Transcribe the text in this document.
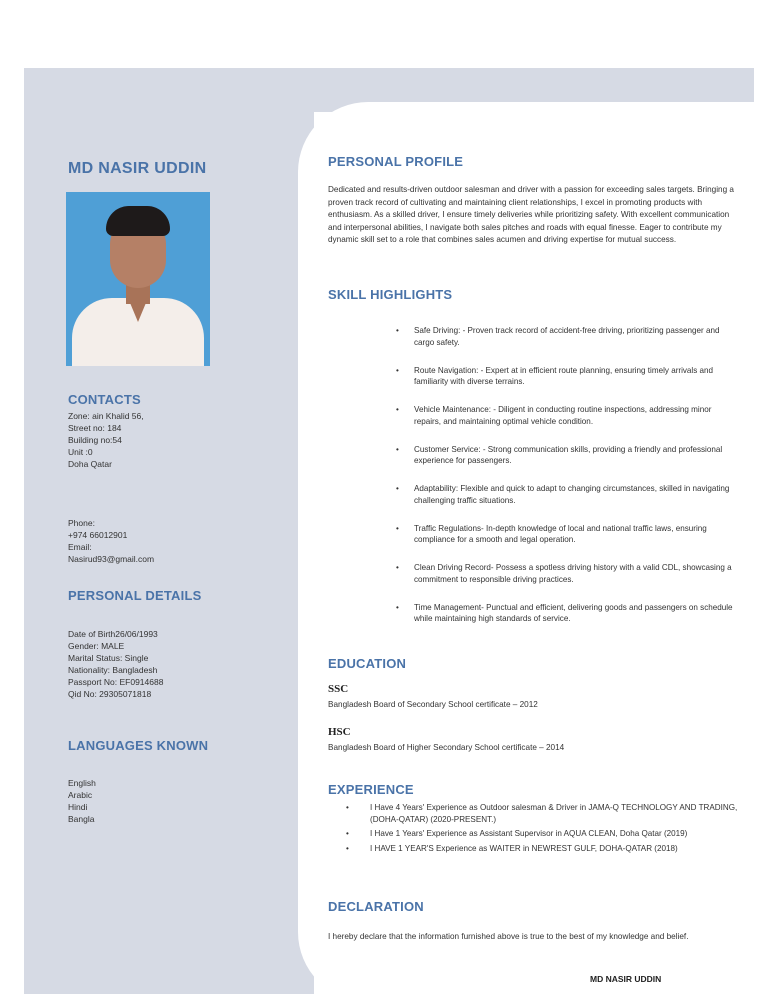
MD NASIR UDDIN
CONTACTS
Zone: ain Khalid 56,
Street no: 184
Building no:54
Unit :0
Doha Qatar
Phone:
+974 66012901
Email:
Nasirud93@gmail.com
PERSONAL DETAILS
Date of Birth26/06/1993
Gender: MALE
Marital Status: Single
Nationality: Bangladesh
Passport No: EF0914688
Qid No: 29305071818
LANGUAGES KNOWN
English
Arabic
Hindi
Bangla
PERSONAL PROFILE

Dedicated and results-driven outdoor salesman and driver with a passion for exceeding sales targets. Bringing a proven track record of cultivating and maintaining client relationships, I excel in promoting products with enthusiasm. As a skilled driver, I ensure timely deliveries while prioritizing safety. With excellent communication and interpersonal abilities, I navigate both sales pitches and roads with equal finesse. Eager to contribute my dynamic skill set to a role that combines sales acumen and driving expertise for mutual success.

SKILL HIGHLIGHTS
• Safe Driving: - Proven track record of accident-free driving, prioritizing passenger and cargo safety.
• Route Navigation: - Expert at in efficient route planning, ensuring timely arrivals and familiarity with diverse terrains.
• Vehicle Maintenance: - Diligent in conducting routine inspections, addressing minor repairs, and maintaining optimal vehicle condition.
• Customer Service: - Strong communication skills, providing a friendly and professional experience for passengers.
• Adaptability: Flexible and quick to adapt to changing circumstances, skilled in navigating challenging traffic situations.
• Traffic Regulations- In-depth knowledge of local and national traffic laws, ensuring compliance for a smooth and legal operation.
• Clean Driving Record- Possess a spotless driving history with a valid CDL, showcasing a commitment to responsible driving practices.
• Time Management- Punctual and efficient, delivering goods and passengers on schedule while maintaining high standards of service.
EDUCATION

SSC

Bangladesh Board of Secondary School certificate – 2012

HSC

Bangladesh Board of Higher Secondary School certificate – 2014

EXPERIENCE
•	I Have 4 Years' Experience as Outdoor salesman & Driver in JAMA-Q TECHNOLOGY AND TRADING, (DOHA-QATAR) (2020-PRESENT.)
•	I Have 1 Years' Experience as Assistant Supervisor in AQUA CLEAN, Doha Qatar (2019)
•	I HAVE 1 YEAR'S Experience as WAITER in NEWREST GULF, DOHA-QATAR (2018)
DECLARATION

I hereby declare that the information furnished above is true to the best of my knowledge and belief.

MD NASIR UDDIN
